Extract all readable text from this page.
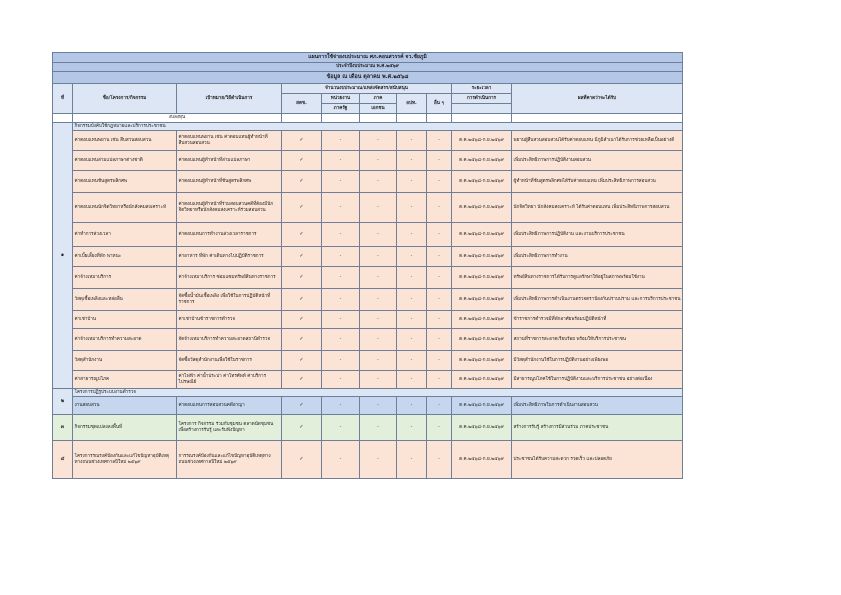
แผนการใช้จ่ายงบประมาณ ศภ.คอนสวรรค์ จว.ชัยภูมิ									
ประจำปีงบประมาณ พ.ศ.๒๕๖๙									
ข้อมูล ณ เดือน ตุลาคม พ.ศ.๒๕๖๘									
ที่	ชื่อ/โครงการ/กิจกรรม	เป้าหมาย/วิธีดำเนินการ	จำนวนงบประมาณ/แหล่งจัดสรร/สนับสนุน					ระยะเวลา	ผลที่คาดว่าจะได้รับ
			สตช.	หน่วยงาน	ภาค	อปท.	อื่น ๆ	การดำเนินการ	
				ภาครัฐ	เอกชน				
	งบลงทุน								
๑	กิจกรรมบังคับใช้กฎหมายและบริการประชาชน								
	ค่าตอบแทนพยาน เช่น สืบสวนสอบสวน	ค่าตอบแทนพยาน เช่น ค่าตอบแทนผู้ทำหน้าที่สืบสวนสอบสวน	✓	-	-	-	-	ต.ค.๒๕๖๘-ก.ย.๒๕๖๙	พยานผู้สืบสวนสอบสวนได้รับค่าตอบแทน มีภูมิลำเนาได้รับการช่วยเหลือเป็นอย่างดี
	ค่าตอบแทนล่ามแปลภาษาต่างชาติ	ค่าตอบแทนผู้ทำหน้าที่ล่ามแปลภาษา	✓	-	-	-	-	ต.ค.๒๕๖๘-ก.ย.๒๕๖๙	เพิ่มประสิทธิภาพการปฏิบัติงานสอบสวน
	ค่าตอบแทนชันสูตรพลิกศพ	ค่าตอบแทนผู้ทำหน้าที่ชันสูตรพลิกศพ	✓	-	-	-	-	ต.ค.๒๕๖๘-ก.ย.๒๕๖๙	ผู้ทำหน้าที่ชันสูตรพลิกศพได้รับค่าตอบแทน เพิ่มประสิทธิภาพการสอบสวน
	ค่าตอบแทนนักจิตวิทยาหรือนักสังคมสงเคราะห์	ค่าตอบแทนผู้ทำหน้าที่ร่วมสอบสวนคดีที่ต้องมีนักจิตวิทยาหรือนักสังคมสงเคราะห์ร่วมสอบสวน	✓	-	-	-	-	ต.ค.๒๕๖๘-ก.ย.๒๕๖๙	นักจิตวิทยา นักสังคมสงเคราะห์ ได้รับค่าตอบแทน เพิ่มประสิทธิภาพการสอบสวน
	ค่าทำการล่วงเวลา	ค่าตอบแทนการทำงานล่วงเวลาราชการ	✓	-	-	-	-	ต.ค.๒๕๖๘-ก.ย.๒๕๖๙	เพิ่มประสิทธิภาพการปฏิบัติงาน และงานบริการประชาชน
	ค่าเบี้ยเลี้ยงที่พัก พาหนะ	ค่าอาหาร ที่พัก ค่าเดินทางไปปฏิบัติราชการ	✓	-	-	-	-	ต.ค.๒๕๖๘-ก.ย.๒๕๖๙	เพิ่มประสิทธิภาพการทำงาน
	ค่าจ้างเหมาบริการ	ค่าจ้างเหมาบริการ ซ่อมแซมทรัพย์สินทางราชการ	✓	-	-	-	-	ต.ค.๒๕๖๘-ก.ย.๒๕๖๙	ทรัพย์สินทางราชการได้รับการดูแลรักษาให้อยู่ในสภาพพร้อมใช้งาน
	วัสดุเชื้อเพลิงและหล่อลื่น	จัดซื้อน้ำมันเชื้อเพลิง เพื่อใช้ในการปฏิบัติหน้าที่ราชการ	✓	-	-	-	-	ต.ค.๒๕๖๘-ก.ย.๒๕๖๙	เพิ่มประสิทธิภาพการดำเนินงานตรวจตราป้องกันปราบปราม และการบริการประชาชน
	ค่าเช่าบ้าน	ค่าเช่าบ้านข้าราชการตำรวจ	✓	-	-	-	-	ต.ค.๒๕๖๘-ก.ย.๒๕๖๙	ข้าราชการตำรวจมีที่พักอาศัยพร้อมปฏิบัติหน้าที่
	ค่าจ้างเหมาบริการทำความสะอาด	จัดจ้างเหมาบริการทำความสะอาดสถานีตำรวจ	✓	-	-	-	-	ต.ค.๒๕๖๘-ก.ย.๒๕๖๙	สถานที่ราชการสะอาดเรียบร้อย พร้อมให้บริการประชาชน
	วัสดุสำนักงาน	จัดซื้อวัสดุสำนักงานเพื่อใช้ในราชการ	✓	-	-	-	-	ต.ค.๒๕๖๘-ก.ย.๒๕๖๙	มีวัสดุสำนักงานใช้ในการปฏิบัติงานอย่างเพียงพอ
	ค่าสาธารณูปโภค	ค่าไฟฟ้า ค่าน้ำประปา ค่าโทรศัพท์ ค่าบริการไปรษณีย์	✓	-	-	-	-	ต.ค.๒๕๖๘-ก.ย.๒๕๖๙	มีสาธารณูปโภคใช้ในการปฏิบัติงานและบริการประชาชน อย่างต่อเนื่อง
๒	โครงการปฏิรูประบบงานตำรวจ								
	งานสอบสวน	ค่าตอบแทนการสอบสวนคดีอาญา	✓	-	-	-	-	ต.ค.๒๕๖๘-ก.ย.๒๕๖๙	เพิ่มประสิทธิภาพในการดำเนินงานสอบสวน
๓	กิจกรรมชุดแปลงลงพื้นที่	โครงการ กิจกรรม ร่วมกับชุมชน ตลาดนัดชุมชน เพื่อสร้างการรับรู้ และรับฟังปัญหา	✓	-	-	-	-	ต.ค.๒๕๖๘-ก.ย.๒๕๖๙	สร้างการรับรู้ สร้างการมีส่วนร่วม ภาคประชาชน
๔	โครงการรณรงค์ป้องกันและแก้ไขปัญหาอุบัติเหตุทางถนนช่วงเทศกาลปีใหม่ ๒๕๖๙	การรณรงค์ป้องกันและแก้ไขปัญหาอุบัติเหตุทางถนนช่วงเทศกาลปีใหม่ ๒๕๖๙	✓	-	-	-	-	ต.ค.๒๕๖๘-ก.ย.๒๕๖๙	ประชาชนได้รับความสะดวก รวดเร็ว และปลอดภัย
